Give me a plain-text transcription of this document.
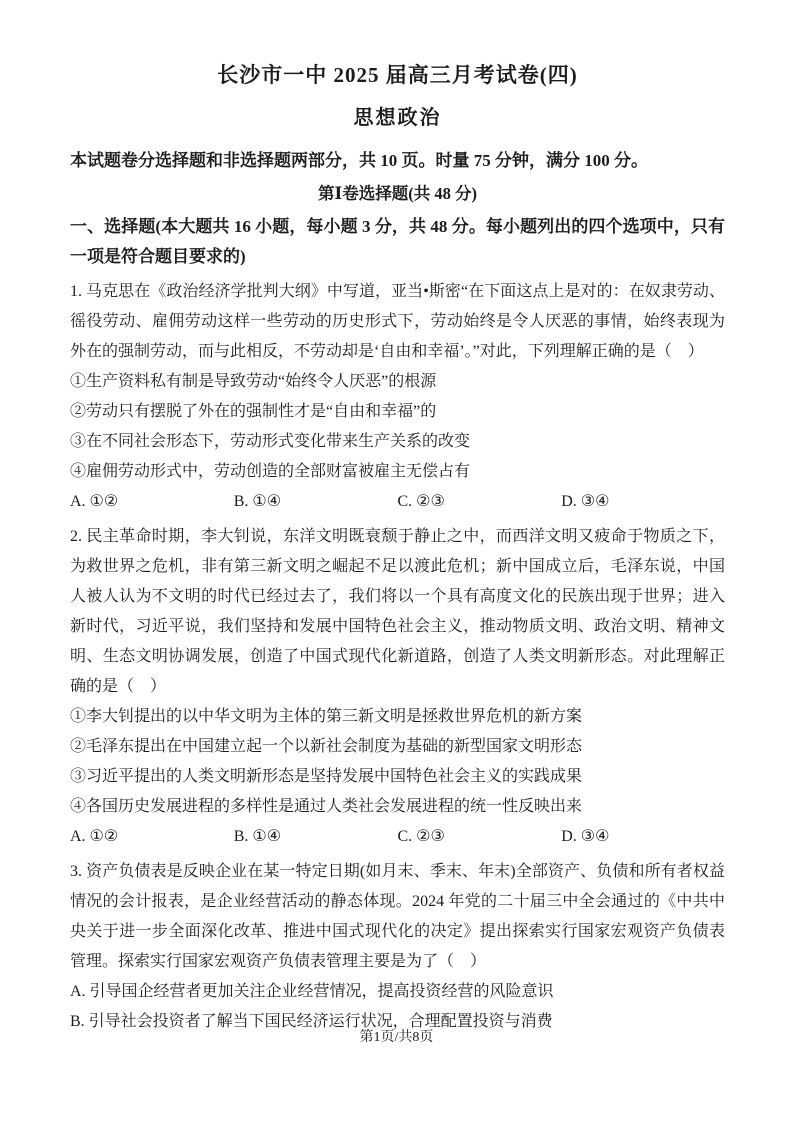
长沙市一中 2025 届高三月考试卷(四)
思想政治

本试题卷分选择题和非选择题两部分，共 10 页。时量 75 分钟，满分 100 分。

第Ⅰ卷选择题(共 48 分)

一、选择题(本大题共 16 小题，每小题 3 分，共 48 分。每小题列出的四个选项中，只有一项是符合题目要求的)

1. 马克思在《政治经济学批判大纲》中写道，亚当•斯密“在下面这点上是对的：在奴隶劳动、徭役劳动、雇佣劳动这样一些劳动的历史形式下，劳动始终是令人厌恶的事情，始终表现为外在的强制劳动，而与此相反，不劳动却是‘自由和幸福’。”对此，下列理解正确的是（　）

①生产资料私有制是导致劳动“始终令人厌恶”的根源

②劳动只有摆脱了外在的强制性才是“自由和幸福”的

③在不同社会形态下，劳动形式变化带来生产关系的改变

④雇佣劳动形式中，劳动创造的全部财富被雇主无偿占有

A. ①②	B. ①④	C. ②③	D. ③④

2. 民主革命时期，李大钊说，东洋文明既衰颓于静止之中，而西洋文明又疲命于物质之下，为救世界之危机，非有第三新文明之崛起不足以渡此危机；新中国成立后，毛泽东说，中国人被人认为不文明的时代已经过去了，我们将以一个具有高度文化的民族出现于世界；进入新时代，习近平说，我们坚持和发展中国特色社会主义，推动物质文明、政治文明、精神文明、生态文明协调发展，创造了中国式现代化新道路，创造了人类文明新形态。对此理解正确的是（　）

①李大钊提出的以中华文明为主体的第三新文明是拯救世界危机的新方案

②毛泽东提出在中国建立起一个以新社会制度为基础的新型国家文明形态

③习近平提出的人类文明新形态是坚持发展中国特色社会主义的实践成果

④各国历史发展进程的多样性是通过人类社会发展进程的统一性反映出来

A. ①②	B. ①④	C. ②③	D. ③④

3. 资产负债表是反映企业在某一特定日期(如月末、季末、年末)全部资产、负债和所有者权益情况的会计报表，是企业经营活动的静态体现。2024 年党的二十届三中全会通过的《中共中央关于进一步全面深化改革、推进中国式现代化的决定》提出探索实行国家宏观资产负债表管理。探索实行国家宏观资产负债表管理主要是为了（　）

A. 引导国企经营者更加关注企业经营情况，提高投资经营的风险意识

B. 引导社会投资者了解当下国民经济运行状况，合理配置投资与消费

第1页/共8页
